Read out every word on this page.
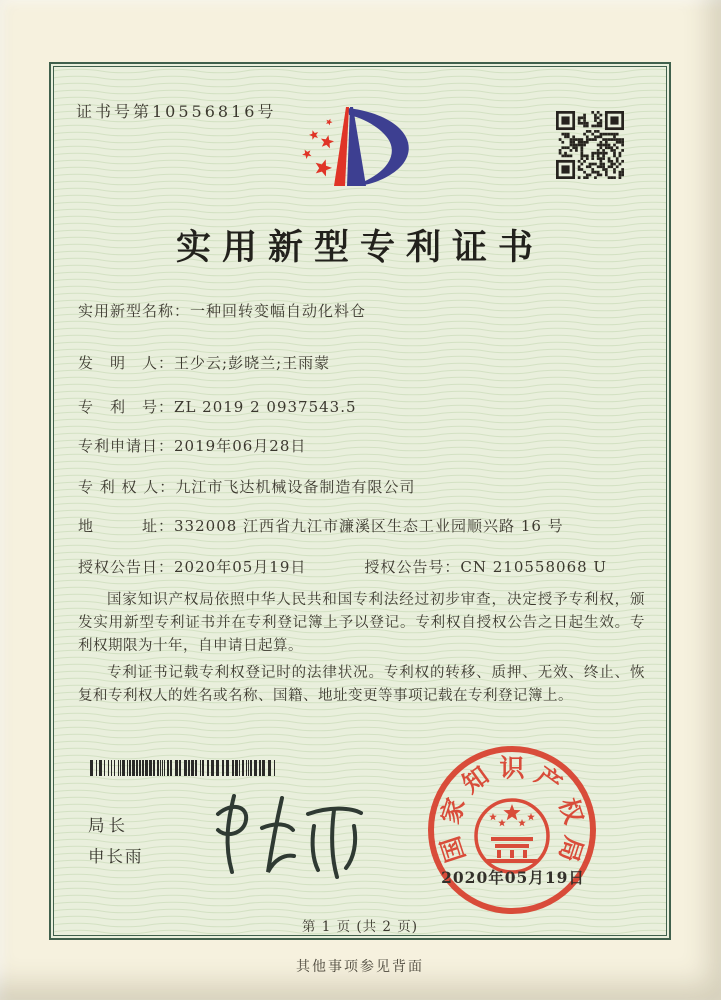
证书号第10556816号
实用新型专利证书
实用新型名称：一种回转变幅自动化料仓
发　明　人：王少云;彭晓兰;王雨蒙
专　利　号：ZL 2019 2 0937543.5
专利申请日：2019年06月28日
专 利 权 人：九江市飞达机械设备制造有限公司
地　　　址：332008 江西省九江市濂溪区生态工业园顺兴路 16 号
授权公告日：2020年05月19日	授权公告号：CN 210558068 U

国家知识产权局依照中华人民共和国专利法经过初步审查，决定授予专利权，颁发实用新型专利证书并在专利登记簿上予以登记。专利权自授权公告之日起生效。专利权期限为十年，自申请日起算。

专利证书记载专利权登记时的法律状况。专利权的转移、质押、无效、终止、恢复和专利权人的姓名或名称、国籍、地址变更等事项记载在专利登记簿上。

局长
申长雨	国
家
知 识 产
权
局
2020年05月19日
第 1 页 (共 2 页)
其他事项参见背面
